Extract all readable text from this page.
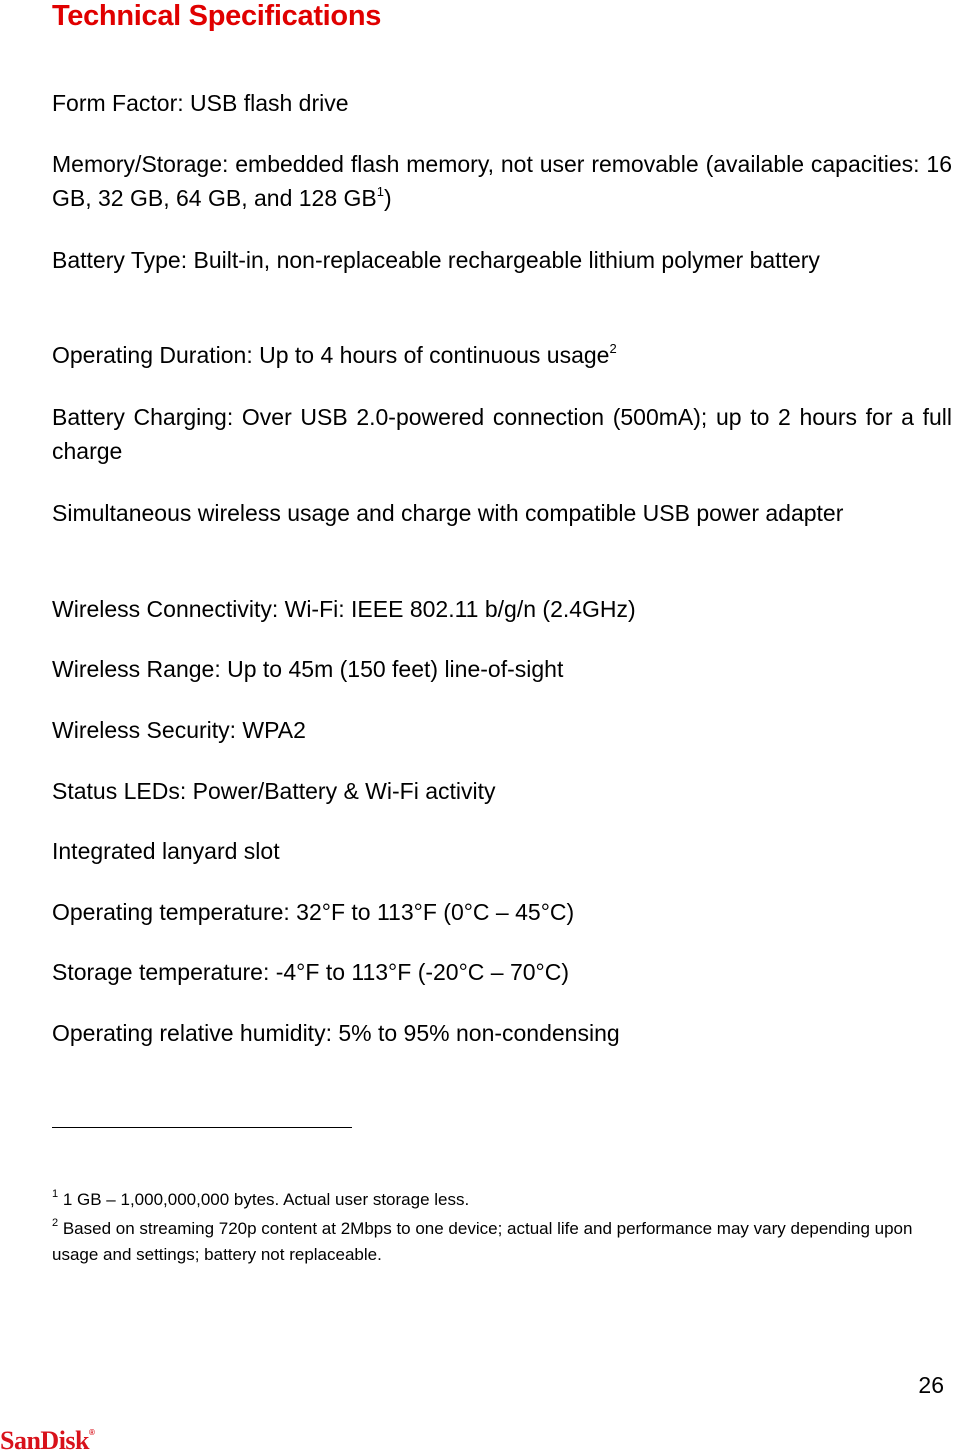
Technical Specifications
Form Factor: USB flash drive
Memory/Storage: embedded flash memory, not user removable (available capacities: 16 GB, 32 GB, 64 GB, and 128 $GB^1$)
Battery Type: Built-in, non-replaceable rechargeable lithium polymer battery
Operating Duration: Up to 4 hours of continuous usage$^2$
Battery Charging: Over USB 2.0-powered connection (500mA); up to 2 hours for a full charge
Simultaneous wireless usage and charge with compatible USB power adapter
Wireless Connectivity: Wi-Fi: IEEE 802.11 b/g/n (2.4GHz)
Wireless Range: Up to 45m (150 feet) line-of-sight
Wireless Security: WPA2
Status LEDs: Power/Battery & Wi-Fi activity
Integrated lanyard slot
Operating temperature: 32°F to 113°F (0°C – 45°C)
Storage temperature: -4°F to 113°F (-20°C – 70°C)
Operating relative humidity: 5% to 95% non-condensing
$^1$ 1 GB – 1,000,000,000 bytes. Actual user storage less.
$^2$ Based on streaming 720p content at 2Mbps to one device; actual life and performance may vary depending upon usage and settings; battery not replaceable.
26
SanDisk®
